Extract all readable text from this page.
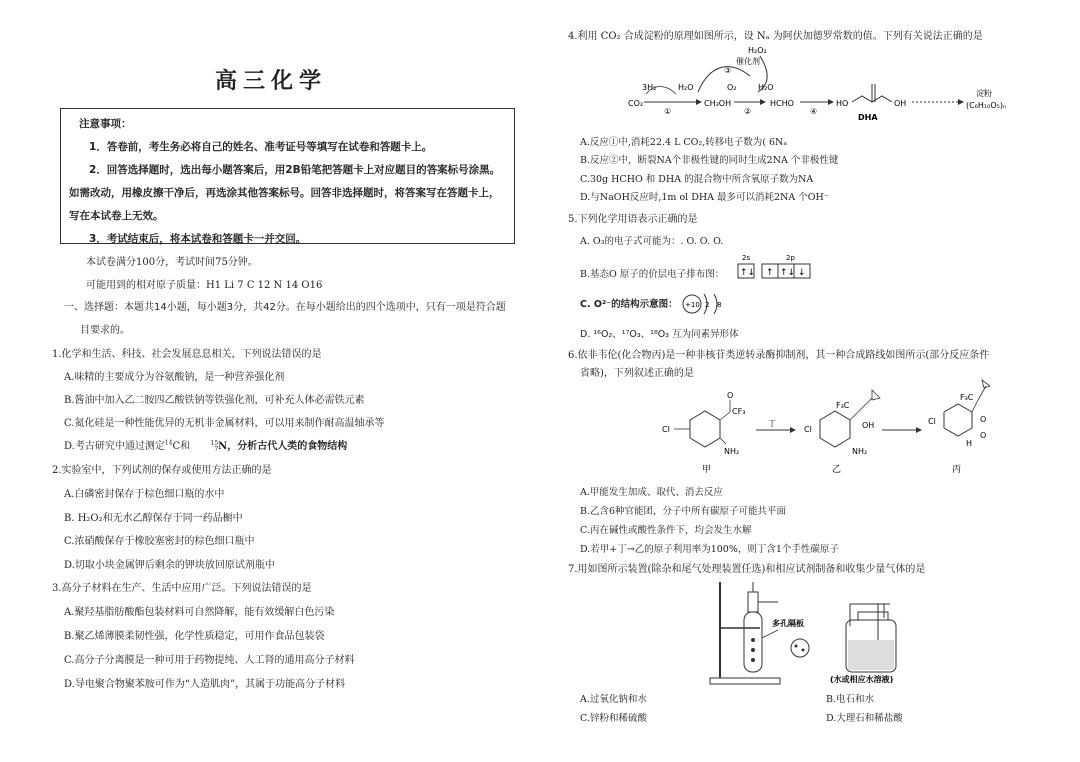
高三化学
注意事项：

1．答卷前，考生务必将自己的姓名、准考证号等填写在试卷和答题卡上。

2．回答选择题时，选出每小题答案后，用2B铅笔把答题卡上对应题目的答案标号涂黑。如需改动，用橡皮擦干净后，再选涂其他答案标号。回答非选择题时，将答案写在答题卡上，写在本试卷上无效。

3．考试结束后，将本试卷和答题卡一并交回。

本试卷满分100分，考试时间75分钟。
可能用到的相对原子质量：H1 Li 7 C 12 N 14 O16
一、选择题：本题共14小题，每小题3分，共42分。在每小题给出的四个选项中，只有一项是符合题
目要求的。
1.化学和生活、科技、社会发展息息相关，下列说法错误的是
A.味精的主要成分为谷氨酸钠，是一种营养强化剂
B.酱油中加入乙二胺四乙酸铁钠等铁强化剂，可补充人体必需铁元素
C.氮化硅是一种性能优异的无机非金属材料，可以用来制作耐高温轴承等
D.考古研究中通过测定$^{14}$C和	15
7N，分析古代人类的食物结构
2.实验室中，下列试剂的保存或使用方法正确的是
A.白磷密封保存于棕色细口瓶的水中
B. H₂O₂和无水乙醇保存于同一药品橱中
C.浓硝酸保存于橡胶塞密封的棕色细口瓶中
D.切取小块金属钾后剩余的钾块放回原试剂瓶中
3.高分子材料在生产、生活中应用广泛。下列说法错误的是
A.聚羟基脂肪酸酯包装材料可自然降解，能有效缓解白色污染
B.聚乙烯薄膜柔韧性强，化学性质稳定，可用作食品包装袋
C.高分子分离膜是一种可用于药物提纯、人工肾的通用高分子材料
D.导电聚合物聚苯胺可作为“人造肌肉”，其属于功能高分子材料
4.利用 CO₂ 合成淀粉的原理如图所示，设 Nₐ 为阿伏加德罗常数的值。下列有关说法正确的是
H₂O₂
催化剂
③
3H₂	H₂O	O₂	H₂O
CO₂
①
CH₃OH
②
HCHO
④
HO	OH
DHA
淀粉
(C₆H₁₀O₅)ₙ
A.反应①中,消耗22.4 L CO₂,转移电子数为( 6Nₐ
B.反应②中，断裂NA个非极性键的同时生成2NA 个非极性键
C.30g HCHO 和 DHA 的混合物中所含氧原子数为NA
D.与NaOH反应时,1m ol DHA 最多可以消耗2NA 个OH⁻
5.下列化学用语表示正确的是
A. O₃的电子式可能为：. O. O. O.
B.基态O 原子的价层电子排布图：
2s	2p
↑↓ ↑ ↑↓ ↓
C. O²⁻的结构示意图： +10 2 8
D. ¹⁶O₂、¹⁷O₃、¹⁸O₃ 互为同素异形体
6.依非韦伦(化合物丙)是一种非核苷类逆转录酶抑制剂，其一种合成路线如图所示(部分反应条件
省略)，下列叙述正确的是
Cl
O
CF₃
NH₂
甲
丁
Cl
F₃C
OH
NH₂
乙
Cl
F₃C
O
O
H
丙
A.甲能发生加成、取代、消去反应
B.乙含6种官能团，分子中所有碳原子可能共平面
C.丙在碱性或酸性条件下，均会发生水解
D.若甲+丁→乙的原子利用率为100%，则丁含1个手性碳原子
7.用如图所示装置(除杂和尾气处理装置任选)和相应试剂制备和收集少量气体的是
多孔隔板
(水或相应水溶液)
A.过氧化钠和水	B.电石和水
C.锌粉和稀硫酸	D.大理石和稀盐酸
